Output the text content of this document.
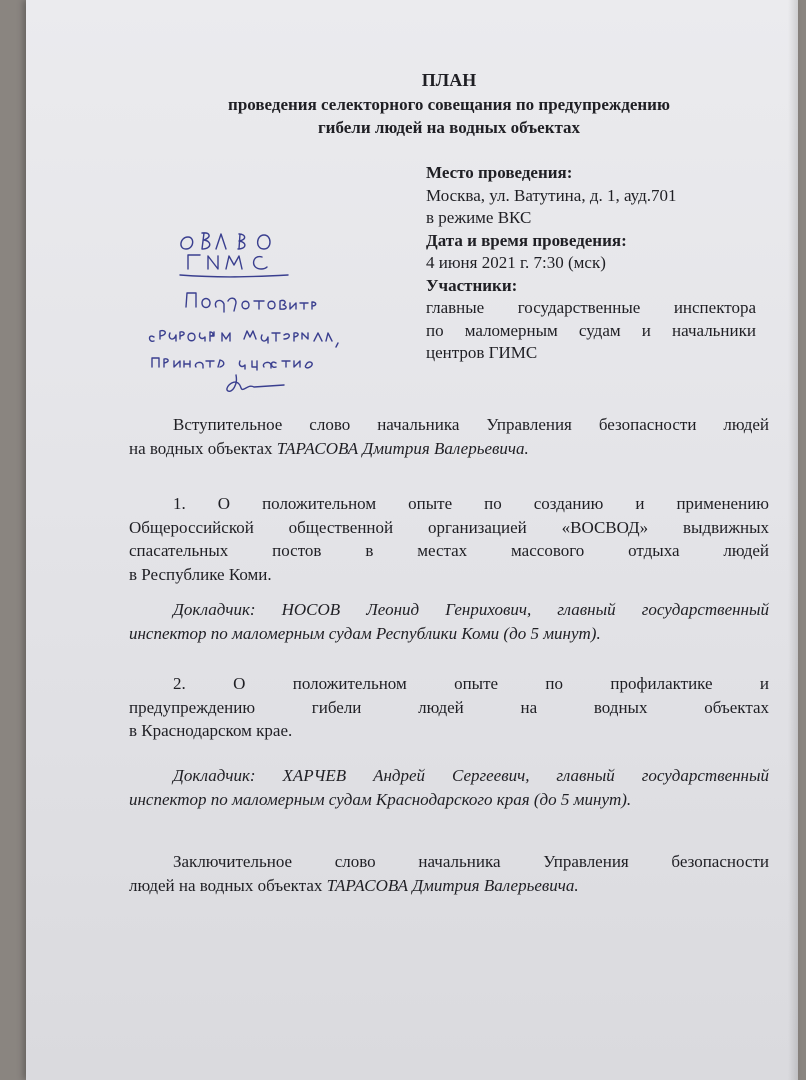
ПЛАН
проведения селекторного совещания по предупреждению
гибели людей на водных объектах
Место проведения:
Москва, ул. Ватутина, д. 1, ауд.701
в режиме ВКС
Дата и время проведения:
4 июня 2021 г. 7:30 (мск)
Участники:
главные государственные инспектора
по маломерным судам и начальники
центров ГИМС
Вступительное слово начальника Управления безопасности людей
на водных объектах ТАРАСОВА Дмитрия Валерьевича.
1. О положительном опыте по созданию и применению
Общероссийской общественной организацией «ВОСВОД» выдвижных
спасательных постов в местах массового отдыха людей
в Республике Коми.
Докладчик: НОСОВ Леонид Генрихович, главный государственный
инспектор по маломерным судам Республики Коми (до 5 минут).
2. О положительном опыте по профилактике и
предупреждению гибели людей на водных объектах
в Краснодарском крае.
Докладчик: ХАРЧЕВ Андрей Сергеевич, главный государственный
инспектор по маломерным судам Краснодарского края (до 5 минут).
Заключительное слово начальника Управления безопасности
людей на водных объектах ТАРАСОВА Дмитрия Валерьевича.
